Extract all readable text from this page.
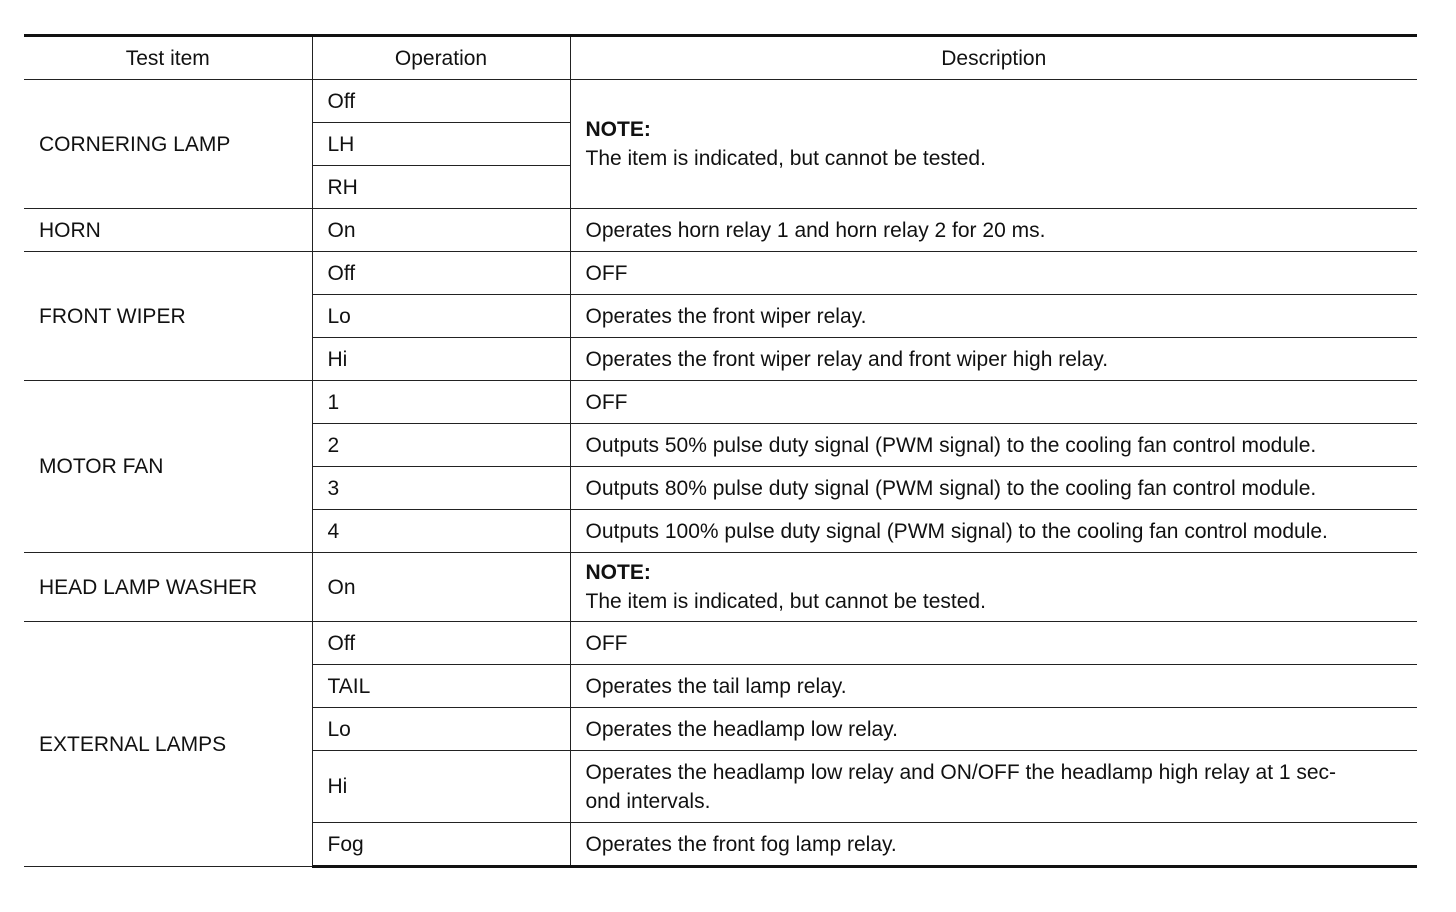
Test item	Operation	Description
CORNERING LAMP	Off	NOTE:
The item is indicated, but cannot be tested.
	LH	
	RH	
HORN	On	Operates horn relay 1 and horn relay 2 for 20 ms.
FRONT WIPER	Off	OFF
	Lo	Operates the front wiper relay.
	Hi	Operates the front wiper relay and front wiper high relay.
MOTOR FAN	1	OFF
	2	Outputs 50% pulse duty signal (PWM signal) to the cooling fan control module.
	3	Outputs 80% pulse duty signal (PWM signal) to the cooling fan control module.
	4	Outputs 100% pulse duty signal (PWM signal) to the cooling fan control module.
HEAD LAMP WASHER	On	NOTE:
The item is indicated, but cannot be tested.
EXTERNAL LAMPS	Off	OFF
	TAIL	Operates the tail lamp relay.
	Lo	Operates the headlamp low relay.
	Hi	Operates the headlamp low relay and ON/OFF the headlamp high relay at 1 sec-
ond intervals.

	Fog	Operates the front fog lamp relay.
